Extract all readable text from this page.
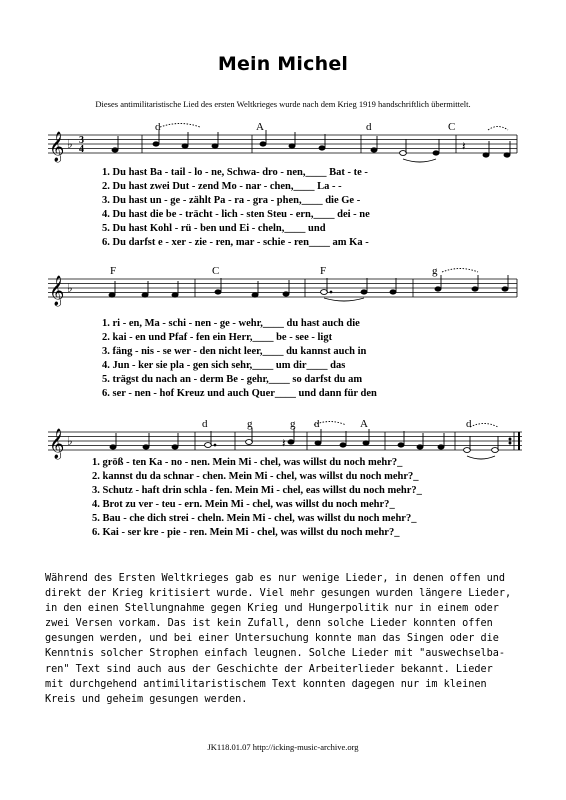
Mein Michel
Dieses antimilitaristische Lied des ersten Weltkrieges wurde nach dem Krieg 1919 handschriftlich übermittelt.
𝄞 ♭ 3
4	𝄽
d	A	d	C
1. Du hast Ba - tail - lo - ne, Schwa- dro - nen,____ Bat - te -
2. Du hast zwei Dut - zend Mo - nar - chen,____ La - -
3. Du hast un - ge - zählt Pa - ra - gra - phen,____ die Ge -
4. Du hast die be - trächt - lich - sten Steu - ern,____ dei - ne
5. Du hast Kohl - rü - ben und Ei - cheln,____ und
6. Du darfst e - xer - zie - ren, mar - schie - ren____ am Ka -
𝄞 ♭
F	C	F	g
1. ri - en, Ma - schi - nen - ge - wehr,____ du hast auch die
2. kai - en und Pfaf - fen ein Herr,____ be - see - ligt
3. fäng - nis - se wer - den nicht leer,____ du kannst auch in
4. Jun - ker sie pla - gen sich sehr,____ um dir____ das
5. trägst du nach an - derm Be - gehr,____ so darfst du am
6. ser - nen - hof Kreuz und auch Quer____ und dann für den
𝄞 ♭	𝄽
d	g	g d	A	d
1. größ - ten Ka - no - nen. Mein Mi - chel, was willst du noch mehr?_
2. kannst du da schnar - chen. Mein Mi - chel, was willst du noch mehr?_
3. Schutz - haft drin schla - fen. Mein Mi - chel, eas willst du noch mehr?_
4. Brot zu ver - teu - ern. Mein Mi - chel, was willst du noch mehr?_
5. Bau - che dich strei - cheln. Mein Mi - chel, was willst du noch mehr?_
6. Kai - ser kre - pie - ren. Mein Mi - chel, was willst du noch mehr?_
Während des Ersten Weltkrieges gab es nur wenige Lieder, in denen offen und
direkt der Krieg kritisiert wurde. Viel mehr gesungen wurden längere Lieder,
in den einen Stellungnahme gegen Krieg und Hungerpolitik nur in einem oder
zwei Versen vorkam. Das ist kein Zufall, denn solche Lieder konnten offen
gesungen werden, und bei einer Untersuchung konnte man das Singen oder die
Kenntnis solcher Strophen einfach leugnen. Solche Lieder mit "auswechselba-
ren" Text sind auch aus der Geschichte der Arbeiterlieder bekannt. Lieder
mit durchgehend antimilitaristischem Text konnten dagegen nur im kleinen
Kreis und geheim gesungen werden.
JK118.01.07 http://icking-music-archive.org
